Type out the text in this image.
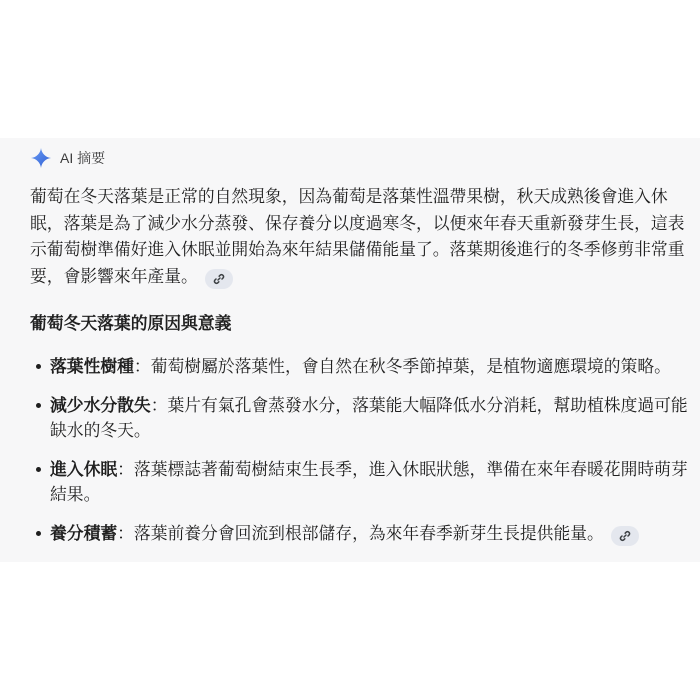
AI 摘要

葡萄在冬天落葉是正常的自然現象，因為葡萄是落葉性溫帶果樹，秋天成熟後會進入休眠，落葉是為了減少水分蒸發、保存養分以度過寒冬，以便來年春天重新發芽生長，這表示葡萄樹準備好進入休眠並開始為來年結果儲備能量了。落葉期後進行的冬季修剪非常重要，會影響來年產量。

葡萄冬天落葉的原因與意義
落葉性樹種：葡萄樹屬於落葉性，會自然在秋冬季節掉葉，是植物適應環境的策略。
減少水分散失：葉片有氣孔會蒸發水分，落葉能大幅降低水分消耗，幫助植株度過可能缺水的冬天。
進入休眠：落葉標誌著葡萄樹結束生長季，進入休眠狀態，準備在來年春暖花開時萌芽結果。
養分積蓄：落葉前養分會回流到根部儲存，為來年春季新芽生長提供能量。
